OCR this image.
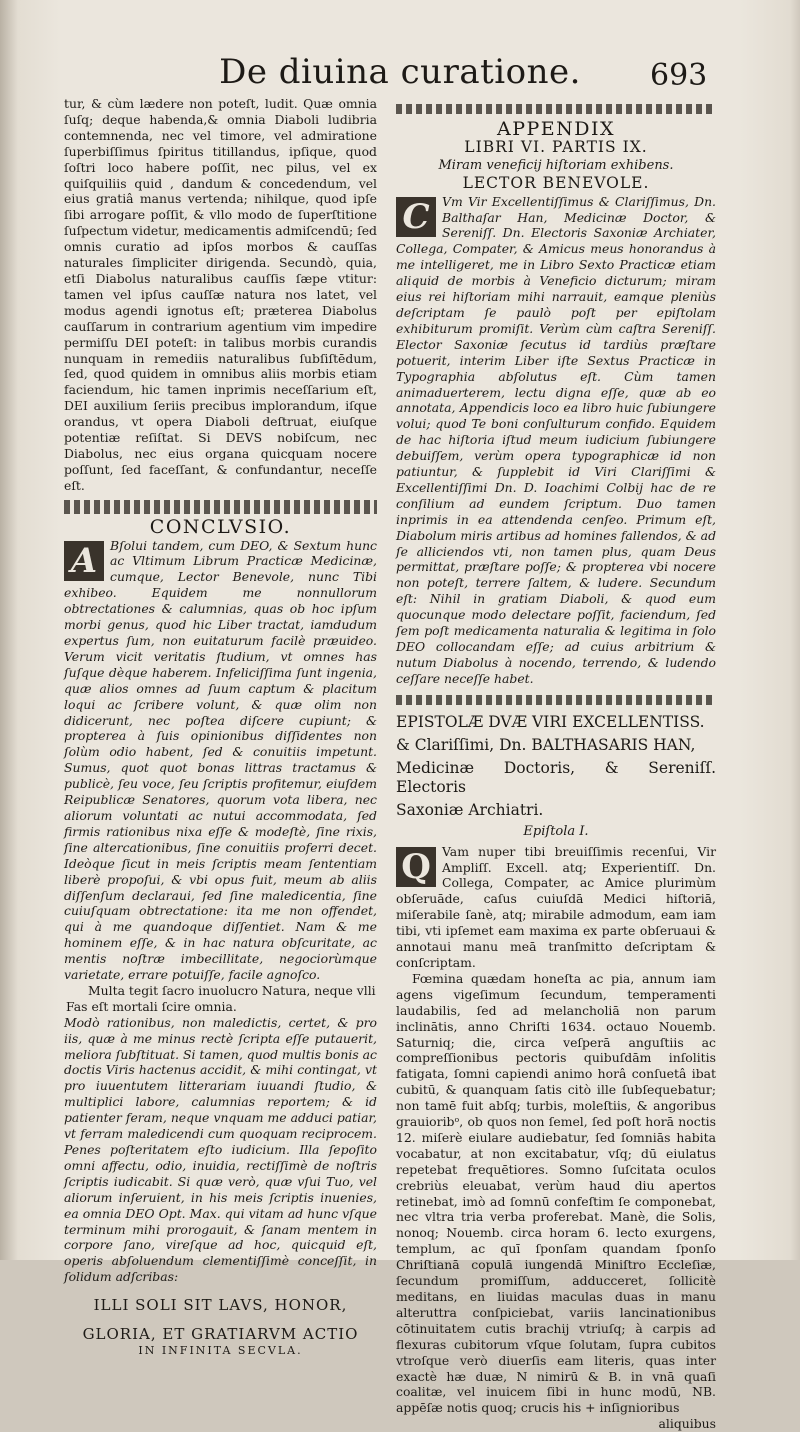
De diuina curatione.	693

tur, & cùm lædere non poteſt, ludit. Quæ omnia ſuſq; deque habenda,& omnia Diaboli ludibria contemnenda, nec vel timore, vel admiratione ſuperbiſſimus ſpiritus titillandus, ipſique, quod ſoſtri loco habere poſſit, nec pilus, vel ex quiſquiliis quid , dandum & concedendum, vel eius gratiâ manus vertenda; nihilque, quod ipſe ſibi arrogare poſſit, & vllo modo de ſuperſtitione ſuſpectum videtur, medicamentis admiſcendū; ſed omnis curatio ad ipſos morbos & cauſſas naturales ſimpliciter dirigenda. Secundò, quia, etſi Diabolus naturalibus cauſſis ſæpe vtitur: tamen vel ipſus cauſſæ natura nos latet, vel modus agendi ignotus eſt; præterea Diabolus cauſſarum in contrarium agentium vim impedire permiſſu DEI poteſt: in talibus morbis curandis nunquam in remediis naturalibus ſubſiſtēdum, ſed, quod quidem in omnibus aliis morbis etiam faciendum, hic tamen inprimis neceſſarium eſt, DEI auxilium ſeriis precibus implorandum, iſque orandus, vt opera Diaboli deſtruat, eiuſque potentiæ reſiſtat. Si DEVS nobiſcum, nec Diabolus, nec eius organa quicquam nocere poſſunt, ſed faceſſant, & confundantur, neceſſe eſt.

CONCLVSIO.

A	Bſolui tandem, cum DEO, & Sextum hunc ac Vltimum Librum Practicæ Medicinæ, cumque, Lector Benevole, nunc Tibi exhibeo. Equidem me nonnullorum obtrectationes & calumnias, quas ob hoc ipſum morbi genus, quod hic Liber tractat, iamdudum expertus ſum, non euitaturum facilè præuideo. Verum vicit veritatis ſtudium, vt omnes has ſuſque dèque haberem. Infeliciſſima ſunt ingenia, quæ alios omnes ad ſuum captum & placitum loqui ac ſcribere volunt, & quæ olim non didicerunt, nec poſtea diſcere cupiunt; & propterea à ſuis opinionibus diſſidentes non ſolùm odio habent, ſed & conuitiis impetunt. Sumus, quot quot bonas littras tractamus & publicè, ſeu voce, ſeu ſcriptis profitemur, eiuſdem Reipublicæ Senatores, quorum vota libera, nec aliorum voluntati ac nutui accommodata, ſed firmis rationibus nixa eſſe & modeſtè, ſine rixis, ſine altercationibus, ſine conuitiis proferri decet. Ideòque ſicut in meis ſcriptis meam ſententiam liberè propoſui, & vbi opus fuit, meum ab aliis diſſenſum declaraui, ſed ſine maledicentia, ſine cuiuſquam obtrectatione: ita me non offendet, qui à me quandoque diſſentiet. Nam & me hominem eſſe, & in hac natura obſcuritate, ac mentis noſtræ imbecillitate, negociorùmque varietate, errare potuiſſe, facile agnoſco.

Multa tegit ſacro inuolucro Natura, neque vlli

Fas eſt mortali ſcire omnia.

Modò rationibus, non maledictis, certet, & pro iis, quæ à me minus rectè ſcripta eſſe putauerit, meliora ſubſtituat. Si tamen, quod multis bonis ac doctis Viris hactenus accidit, & mihi contingat, vt pro iuuentutem litterariam iuuandi ſtudio, & multiplici labore, calumnias reportem; & id patienter feram, neque vnquam me adduci patiar, vt ferram maledicendi cum quoquam reciprocem. Penes poſteritatem eſto iudicium. Illa ſepoſito omni affectu, odio, inuidia, rectiſſimè de noſtris ſcriptis iudicabit. Si quæ verò, quæ vſui Tuo, vel aliorum inſeruient, in his meis ſcriptis inuenies, ea omnia DEO Opt. Max. qui vitam ad hunc vſque terminum mihi prorogauit, & ſanam mentem in corpore ſano, vireſque ad hoc, quicquid eſt, operis abſoluendum clementiſſimè conceſſit, in ſolidum adſcribas:

ILLI SOLI SIT LAVS, HONOR,
GLORIA, ET GRATIARVM ACTIO
IN INFINITA SECVLA.
APPENDIX
LIBRI VI. PARTIS IX.
Miram veneficij hiſtoriam exhibens.
LECTOR BENEVOLE.

C	Vm Vir Excellentiſſimus & Clariſſimus, Dn. Balthaſar Han, Medicinæ Doctor, & Sereniſſ. Dn. Electoris Saxoniæ Archiater, Collega, Compater, & Amicus meus honorandus à me intelligeret, me in Libro Sexto Practicæ etiam aliquid de morbis à Veneficio dicturum; miram eius rei hiſtoriam mihi narrauit, eamque pleniùs deſcriptam ſe paulò poſt per epiſtolam exhibiturum promiſit. Verùm cùm caſtra Sereniſſ. Elector Saxoniæ ſecutus id tardiùs præſtare potuerit, interim Liber iſte Sextus Practicæ in Typographia abſolutus eſt. Cùm tamen animaduerterem, lectu digna eſſe, quæ ab eo annotata, Appendicis loco ea libro huic ſubiungere volui; quod Te boni conſulturum confido. Equidem de hac hiſtoria iſtud meum iudicium ſubiungere debuiſſem, verùm opera typographicæ id non patiuntur, & ſupplebit id Viri Clariſſimi & Excellentiſſimi Dn. D. Ioachimi Colbij hac de re conſilium ad eundem ſcriptum. Duo tamen inprimis in ea attendenda cenſeo. Primum eſt, Diabolum miris artibus ad homines fallendos, & ad ſe alliciendos vti, non tamen plus, quam Deus permittat, præſtare poſſe; & propterea vbi nocere non poteſt, terrere ſaltem, & ludere. Secundum eſt: Nihil in gratiam Diaboli, & quod eum quocunque modo delectare poſſit, faciendum, ſed ſem poſt medicamenta naturalia & legitima in ſolo DEO collocandam eſſe; ad cuius arbitrium & nutum Diabolus à nocendo, terrendo, & ludendo ceſſare neceſſe habet.

EPISTOLÆ DVÆ VIRI EXCELLENTISS.
& Clariſſimi, Dn. BALTHASARIS HAN,
Medicinæ Doctoris, & Sereniſſ. Electoris
Saxoniæ Archiatri.
Epiſtola I.

Q Vam nuper tibi breuiſſimis recenſui, Vir Ampliſſ. Excell. atq; Experientiſſ. Dn. Collega, Compater, ac Amice plurimùm obſeruāde, caſus cuiuſdā Medici hiſtoriā, miſerabile ſanè, atq; mirabile admodum, eam iam tibi, vti ipſemet eam maxima ex parte obſeruaui & annotaui manu meā tranſmitto deſcriptam & conſcriptam.

Fœmina quædam honeſta ac pia, annum iam agens vigeſimum ſecundum, temperamenti laudabilis, ſed ad melancholiā non parum inclinātis, anno Chriſti 1634. octauo Nouemb. Saturniq; die, circa veſperā anguſtiis ac compreſſionibus pectoris quibuſdām inſolitis fatigata, ſomni capiendi animo horâ conſuetâ ibat cubitū, & quanquam ſatis citò ille ſubſequebatur; non tamē fuit abſq; turbis, moleſtiis, & angoribus grauioribᵒ, ob quos non ſemel, ſed poſt horā noctis 12. miſerè eiulare audiebatur, ſed ſomniās habita vocabatur, at non excitabatur, vſq; dū eiulatus repetebat frequētiores. Somno ſuſcitata oculos crebriùs eleuabat, verùm haud diu apertos retinebat, imò ad ſomnū confeſtim ſe componebat, nec vltra tria verba proferebat. Manè, die Solis, nonoq; Nouemb. circa horam 6. lecto exurgens, templum, ac quī ſponſam quandam ſponſo Chriſtianā copulā iungendā Miniſtro Eccleſiæ, ſecundum promiſſum, adducceret, ſollicitè meditans, en liuidas maculas duas in manu alteruttra conſpiciebat, variis lancinationibus cōtinuitatem cutis brachij vtriuſq; à carpis ad flexuras cubitorum vſque ſolutam, ſupra cubitos vtroſque verò diuerſis eam literis, quas inter exactè hæ duæ, N nimirū & B. in vnā quaſi coalitæ, vel inuicem ſibi in hunc modū, NB. appēſæ notis quoq; crucis his + inſignioribus

aliquibus
